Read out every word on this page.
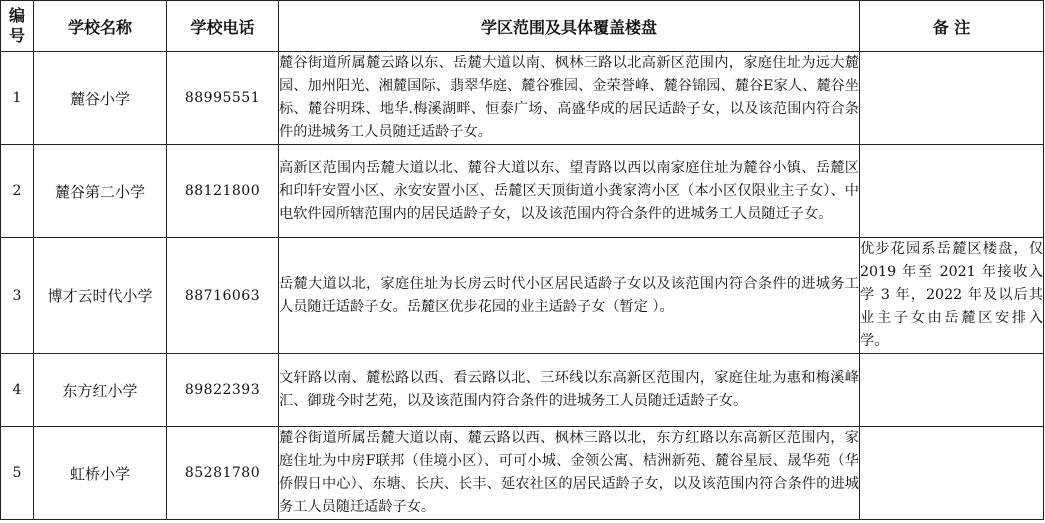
编号	学校名称	学校电话	学区范围及具体覆盖楼盘	备 注
1	麓谷小学	88995551	麓谷街道所属麓云路以东、岳麓大道以南、枫林三路以北高新区范围内，家庭住址为远大麓园、加州阳光、湘麓国际、翡翠华庭、麓谷雅园、金荣誉峰、麓谷锦园、麓谷E家人、麓谷坐标、麓谷明珠、地华.梅溪湖畔、恒泰广场、高盛华成的居民适龄子女，以及该范围内符合条件的进城务工人员随迁适龄子女。	
2	麓谷第二小学	88121800	高新区范围内岳麓大道以北、麓谷大道以东、望青路以西以南家庭住址为麓谷小镇、岳麓区和印轩安置小区、永安安置小区、岳麓区天顶街道小龚家湾小区（本小区仅限业主子女）、中电软件园所辖范围内的居民适龄子女，以及该范围内符合条件的进城务工人员随迁子女。	
3	博才云时代小学	88716063	岳麓大道以北，家庭住址为长房云时代小区居民适龄子女以及该范围内符合条件的进城务工人员随迁适龄子女。岳麓区优步花园的业主适龄子女（暂定 ）。	优步花园系岳麓区楼盘，仅 2019 年至 2021 年接收入学 3 年，2022 年及以后其业主子女由岳麓区安排入学。
4	东方红小学	89822393	文轩路以南、麓松路以西、看云路以北、三环线以东高新区范围内，家庭住址为惠和梅溪峰汇、御珑今时艺苑，以及该范围内符合条件的进城务工人员随迁适龄子女。	
5	虹桥小学	85281780	麓谷街道所属岳麓大道以南、麓云路以西、枫林三路以北，东方红路以东高新区范围内，家庭住址为中房F联邦（佳境小区）、可可小城、金领公寓、桔洲新苑、麓谷星辰、晟华苑（华侨假日中心）、东塘、长庆、长丰、延农社区的居民适龄子女，以及该范围内符合条件的进城务工人员随迁适龄子女。	
